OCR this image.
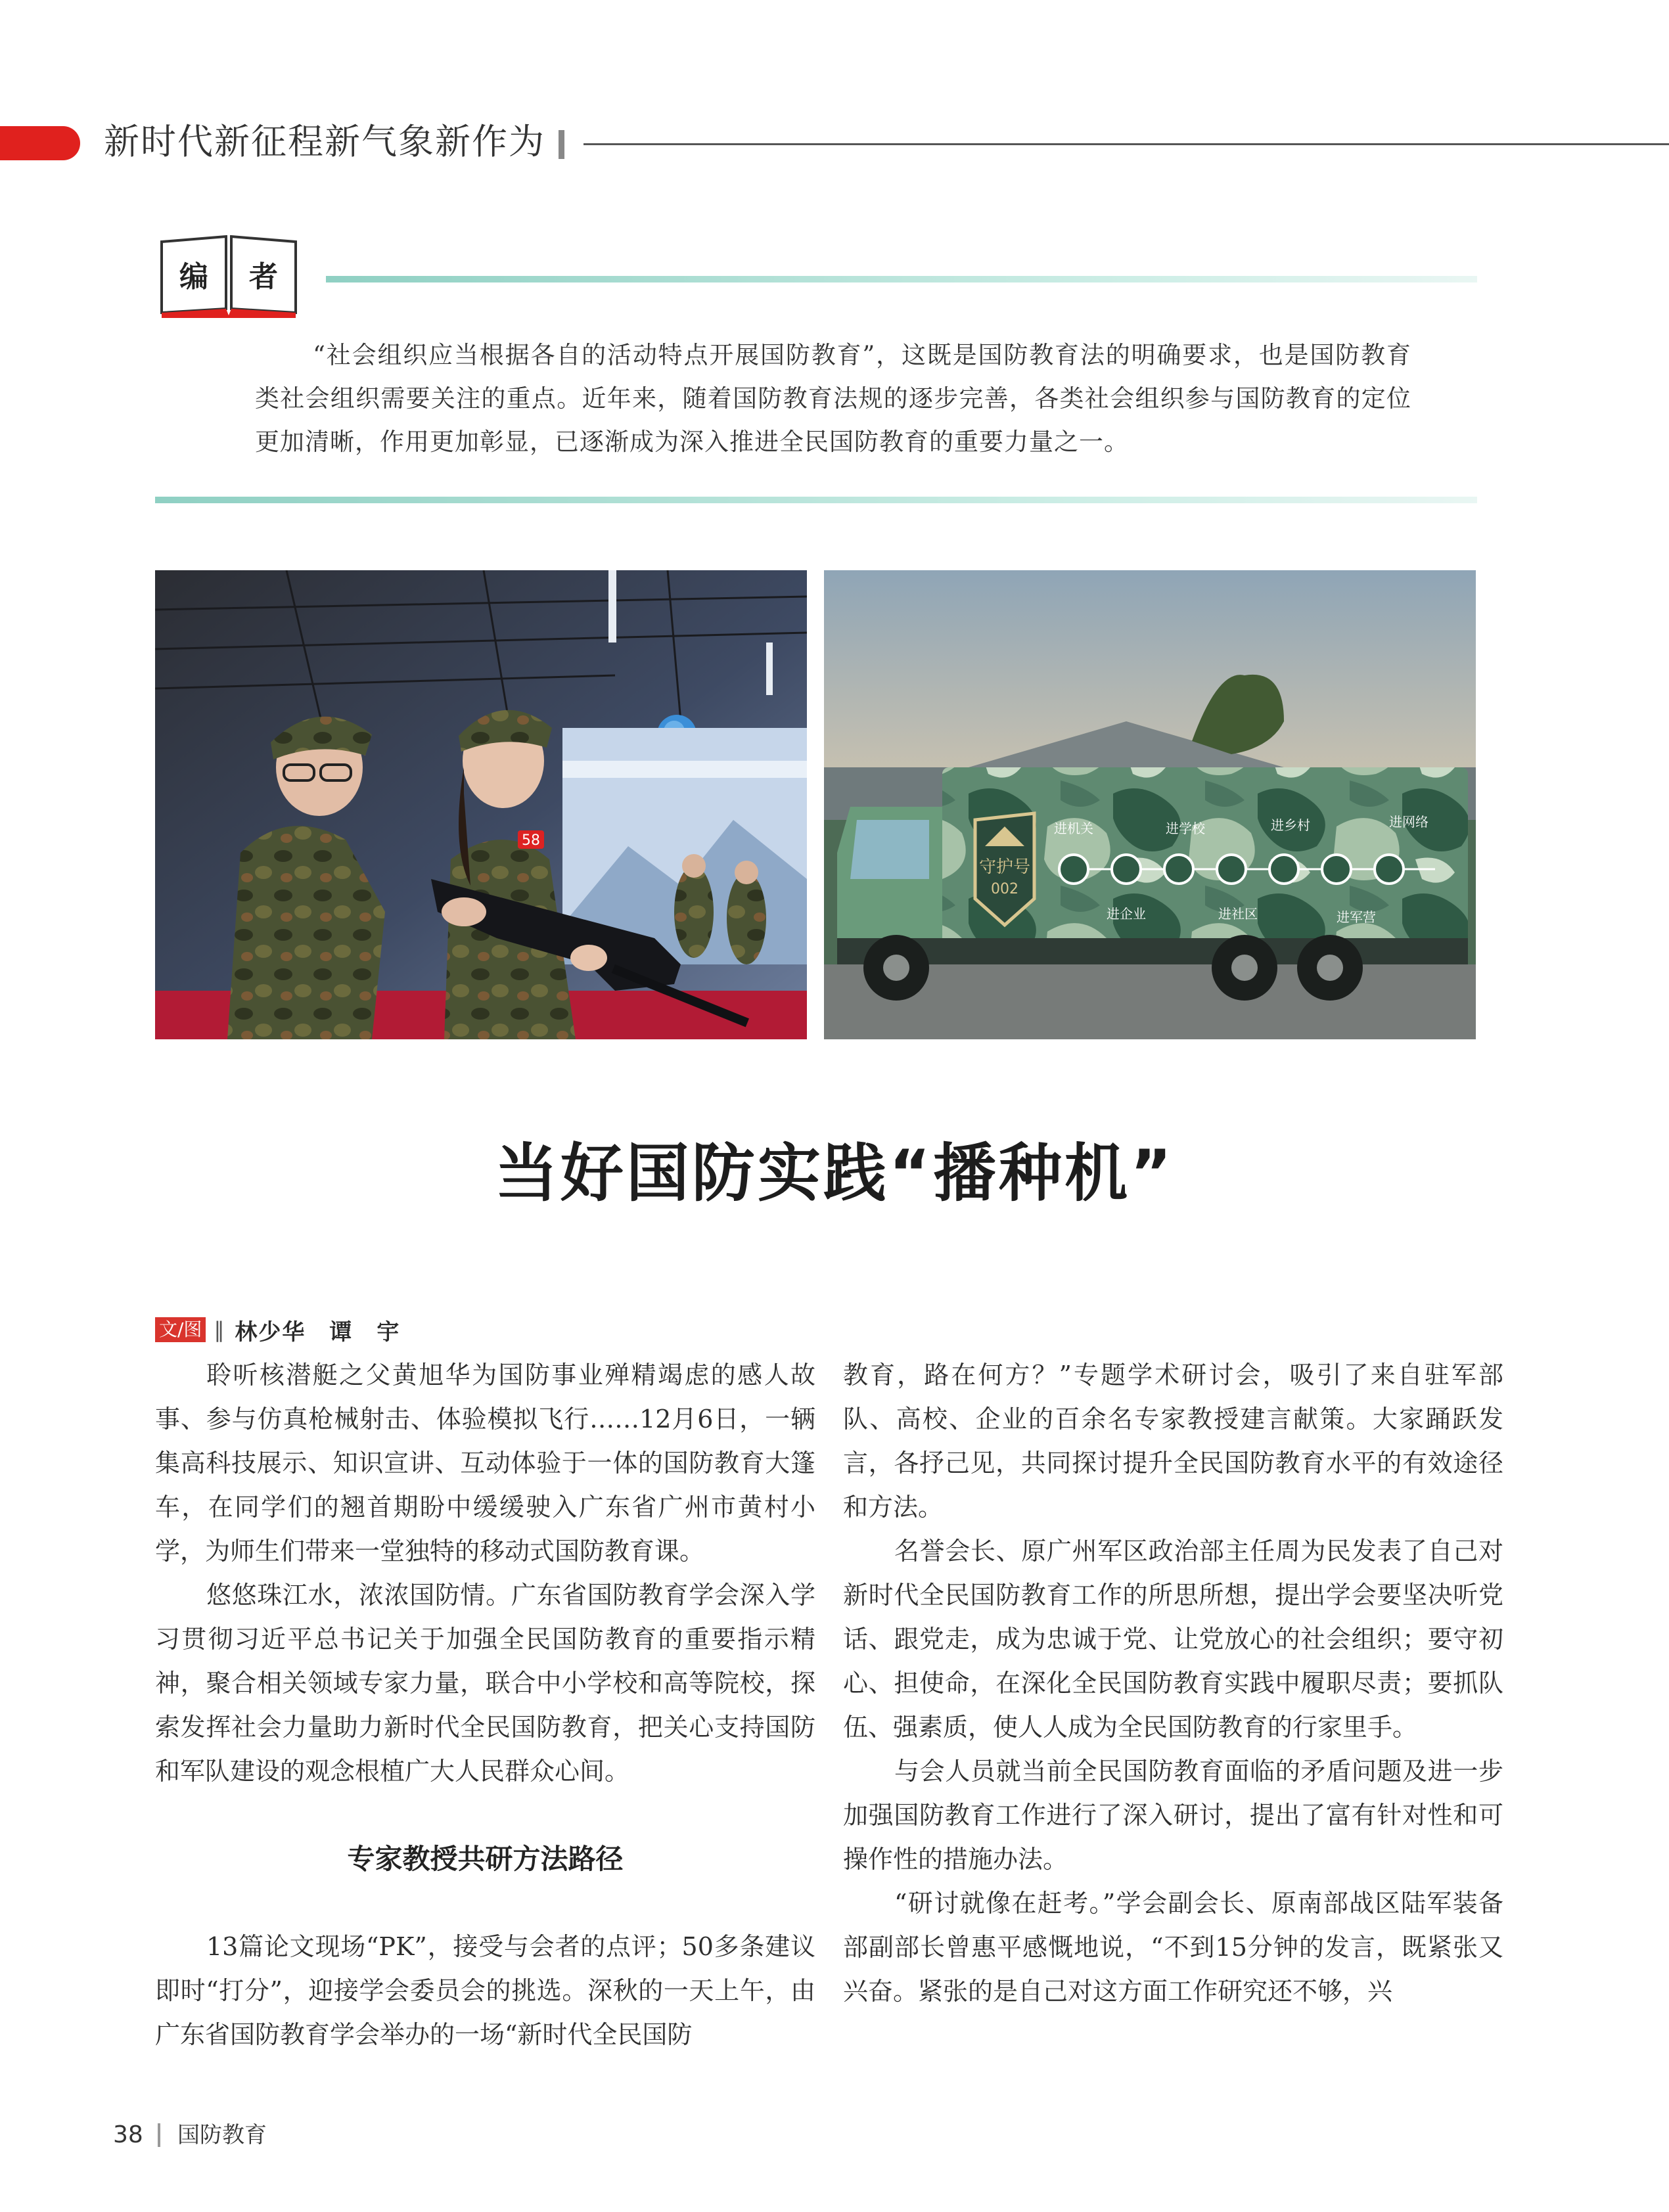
新时代新征程新气象新作为
编 者
“社会组织应当根据各自的活动特点开展国防教育”，这既是国防教育法的明确要求，也是国防教育类社会组织需要关注的重点。近年来，随着国防教育法规的逐步完善，各类社会组织参与国防教育的定位更加清晰，作用更加彰显，已逐渐成为深入推进全民国防教育的重要力量之一。
58
进机关	进学校	进乡村	进网络
进企业	进社区	进军营
守护号
002
当好国防实践“播种机”
文/图 ‖ 林少华　谭　宇

聆听核潜艇之父黄旭华为国防事业殚精竭虑的感人故事、参与仿真枪械射击、体验模拟飞行……12月6日，一辆集高科技展示、知识宣讲、互动体验于一体的国防教育大篷车，在同学们的翘首期盼中缓缓驶入广东省广州市黄村小学，为师生们带来一堂独特的移动式国防教育课。

悠悠珠江水，浓浓国防情。广东省国防教育学会深入学习贯彻习近平总书记关于加强全民国防教育的重要指示精神，聚合相关领域专家力量，联合中小学校和高等院校，探索发挥社会力量助力新时代全民国防教育，把关心支持国防和军队建设的观念根植广大人民群众心间。

专家教授共研方法路径

13篇论文现场“PK”，接受与会者的点评；50多条建议即时“打分”，迎接学会委员会的挑选。深秋的一天上午，由广东省国防教育学会举办的一场“新时代全民国防

教育，路在何方？”专题学术研讨会，吸引了来自驻军部队、高校、企业的百余名专家教授建言献策。大家踊跃发言，各抒己见，共同探讨提升全民国防教育水平的有效途径和方法。

名誉会长、原广州军区政治部主任周为民发表了自己对新时代全民国防教育工作的所思所想，提出学会要坚决听党话、跟党走，成为忠诚于党、让党放心的社会组织；要守初心、担使命，在深化全民国防教育实践中履职尽责；要抓队伍、强素质，使人人成为全民国防教育的行家里手。

与会人员就当前全民国防教育面临的矛盾问题及进一步加强国防教育工作进行了深入研讨，提出了富有针对性和可操作性的措施办法。

“研讨就像在赶考。”学会副会长、原南部战区陆军装备部副部长曾惠平感慨地说，“不到15分钟的发言，既紧张又兴奋。紧张的是自己对这方面工作研究还不够，兴

38 国防教育
